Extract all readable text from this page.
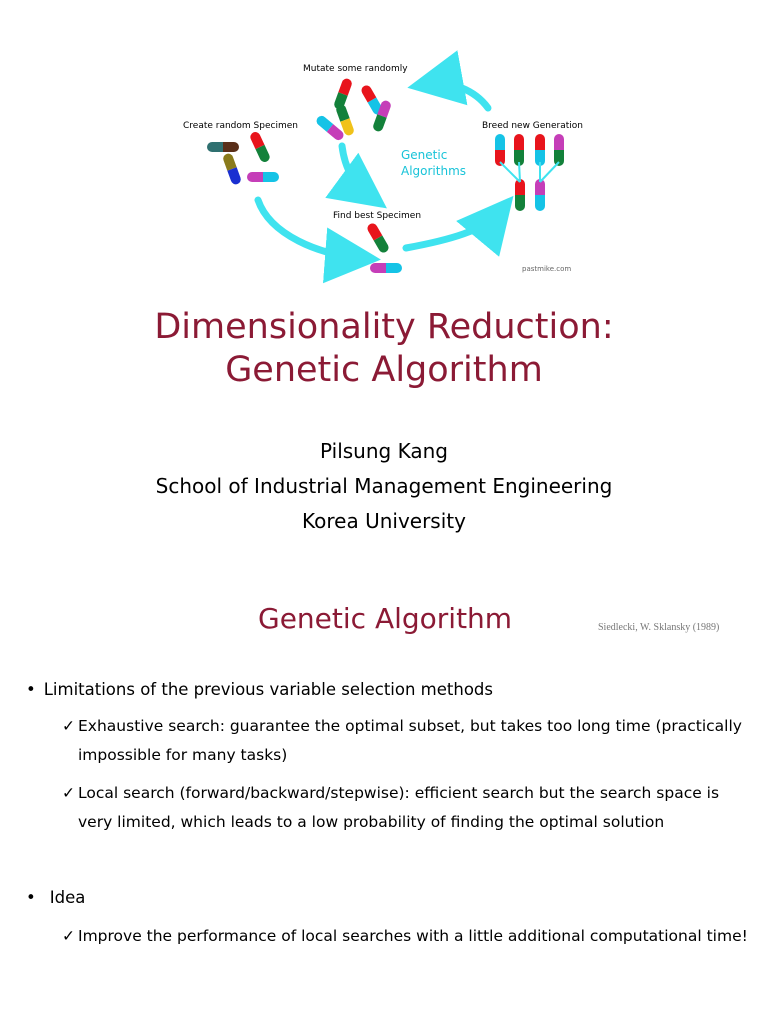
Mutate some randomly
Create random Specimen	Breed new Generation
Find best Specimen
Genetic
Algorithms
pastmike.com
Dimensionality Reduction:
Genetic Algorithm
Pilsung Kang
School of Industrial Management Engineering
Korea University
Genetic Algorithm	Siedlecki, W. Sklansky (1989)
• Limitations of the previous variable selection methods
✓ Exhaustive search: guarantee the optimal subset, but takes too long time (practically
impossible for many tasks)
✓ Local search (forward/backward/stepwise): efficient search but the search space is
very limited, which leads to a low probability of finding the optimal solution
• Idea
✓ Improve the performance of local searches with a little additional computational time!
